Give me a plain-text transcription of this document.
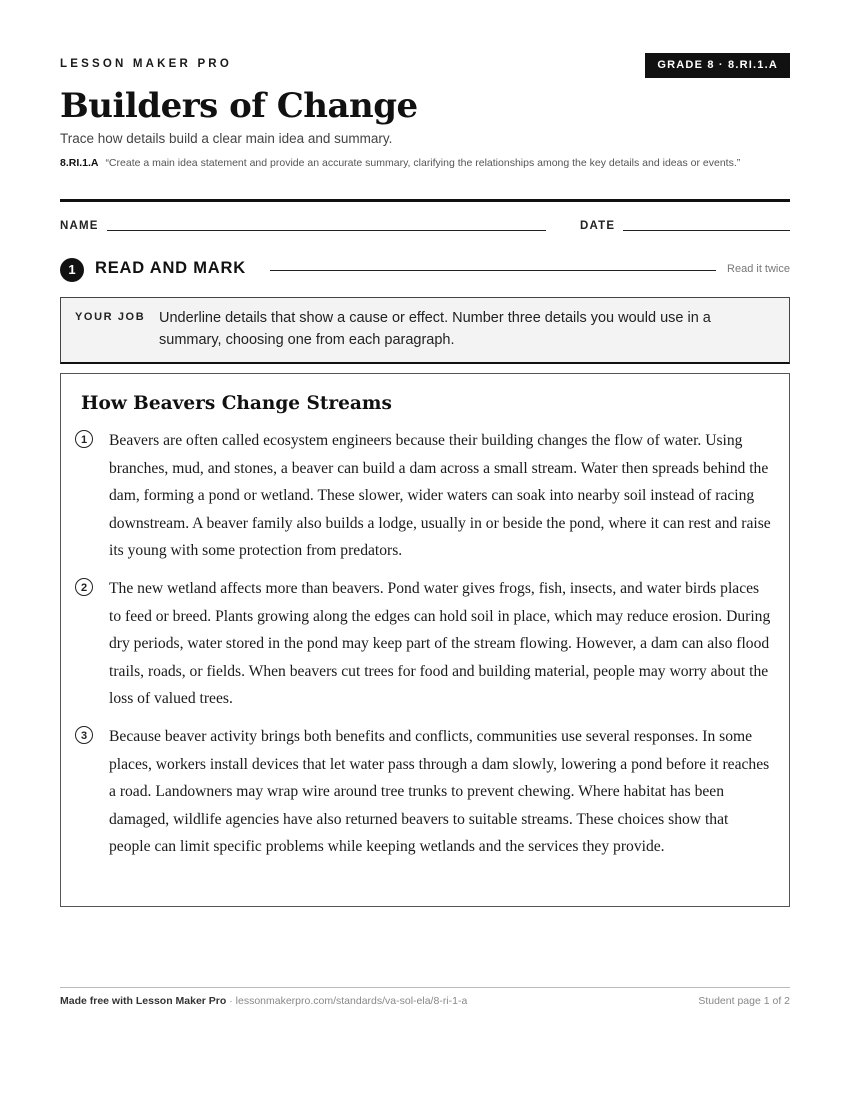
LESSON MAKER PRO	GRADE 8 · 8.RI.1.A
Builders of Change
Trace how details build a clear main idea and summary.
8.RI.1.A “Create a main idea statement and provide an accurate summary, clarifying the relationships among the key details and ideas or events.”
NAME	DATE
1	READ AND MARK	Read it twice
YOUR JOB Underline details that show a cause or effect. Number three details you would use in a summary, choosing one from each paragraph.
How Beavers Change Streams
1	Beavers are often called ecosystem engineers because their building changes the flow of water. Using branches, mud, and stones, a beaver can build a dam across a small stream. Water then spreads behind the dam, forming a pond or wetland. These slower, wider waters can soak into nearby soil instead of racing downstream. A beaver family also builds a lodge, usually in or beside the pond, where it can rest and raise its young with some protection from predators.

2	The new wetland affects more than beavers. Pond water gives frogs, fish, insects, and water birds places to feed or breed. Plants growing along the edges can hold soil in place, which may reduce erosion. During dry periods, water stored in the pond may keep part of the stream flowing. However, a dam can also flood trails, roads, or fields. When beavers cut trees for food and building material, people may worry about the loss of valued trees.

3	Because beaver activity brings both benefits and conflicts, communities use several responses. In some places, workers install devices that let water pass through a dam slowly, lowering a pond before it reaches a road. Landowners may wrap wire around tree trunks to prevent chewing. Where habitat has been damaged, wildlife agencies have also returned beavers to suitable streams. These choices show that people can limit specific problems while keeping wetlands and the services they provide.

Made free with Lesson Maker Pro · lessonmakerpro.com/standards/va-sol-ela/8-ri-1-a	Student page 1 of 2
